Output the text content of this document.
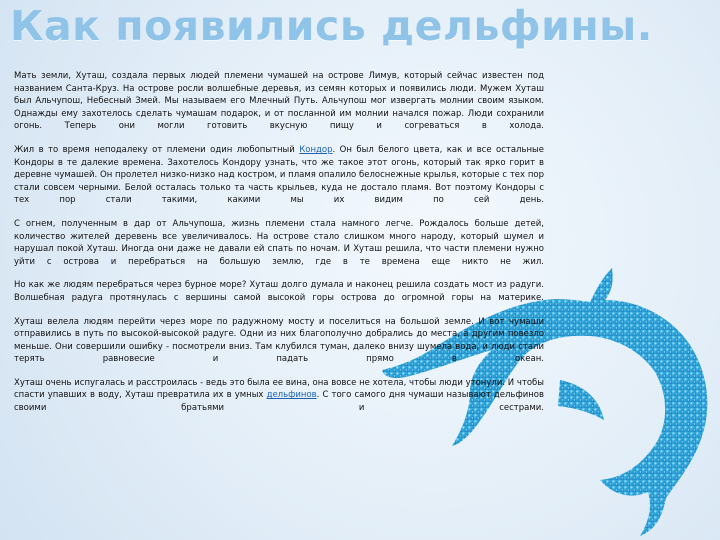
Как появились дельфины.

Мать земли, Хуташ, создала первых людей племени чумашей на острове Лимув, который сейчас известен под названием Санта-Круз. На острове росли волшебные деревья, из семян которых и появились люди. Мужем Хуташ был Альчупош, Небесный Змей. Мы называем его Млечный Путь. Альчупош мог извергать молнии своим языком. Однажды ему захотелось сделать чумашам подарок, и от посланной им молнии начался пожар. Люди сохранили огонь. Теперь они могли готовить вкусную пищу и согреваться в холода.

Жил в то время неподалеку от племени один любопытный Кондор. Он был белого цвета, как и все остальные Кондоры в те далекие времена. Захотелось Кондору узнать, что же такое этот огонь, который так ярко горит в деревне чумашей. Он пролетел низко-низко над костром, и пламя опалило белоснежные крылья, которые с тех пор стали совсем черными. Белой осталась только та часть крыльев, куда не достало пламя. Вот поэтому Кондоры с тех пор стали такими, какими мы их видим по сей день.

С огнем, полученным в дар от Альчупоша, жизнь племени стала намного легче. Рождалось больше детей, количество жителей деревень все увеличивалось. На острове стало слишком много народу, который шумел и нарушал покой Хуташ. Иногда они даже не давали ей спать по ночам. И Хуташ решила, что части племени нужно уйти с острова и перебраться на большую землю, где в те времена еще никто не жил.

Но как же людям перебраться через бурное море? Хуташ долго думала и наконец решила создать мост из радуги. Волшебная радуга протянулась с вершины самой высокой горы острова до огромной горы на материке.

Хуташ велела людям перейти через море по радужному мосту и поселиться на большой земле. И вот чумаши отправились в путь по высокой-высокой радуге. Одни из них благополучно добрались до места, а другим повезло меньше. Они совершили ошибку - посмотрели вниз. Там клубился туман, далеко внизу шумела вода, и люди стали терять равновесие и падать прямо в океан.

Хуташ очень испугалась и расстроилась - ведь это была ее вина, она вовсе не хотела, чтобы люди утонули. И чтобы спасти упавших в воду, Хуташ превратила их в умных дельфинов. С того самого дня чумаши называют дельфинов своими братьями и сестрами.
